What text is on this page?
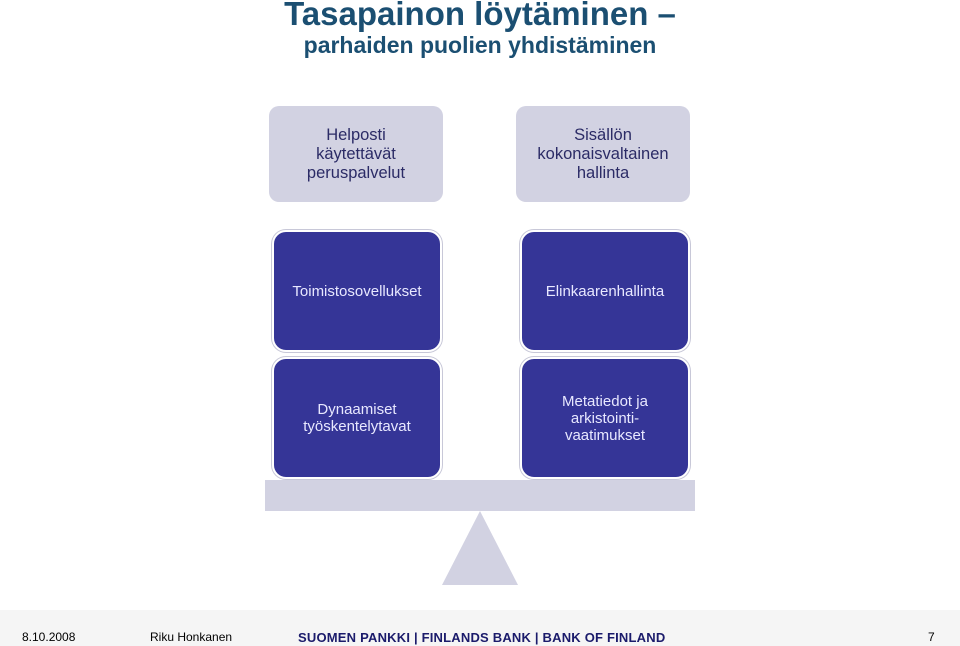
Tasapainon löytäminen –
parhaiden puolien yhdistäminen
Helposti
käytettävät
peruspalvelut
Sisällön
kokonaisvaltainen
hallinta
Toimistosovellukset	Elinkaarenhallinta
Dynaamiset
työskentelytavat
Metatiedot ja
arkistointi-
vaatimukset
8.10.2008	Riku Honkanen	SUOMEN PANKKI | FINLANDS BANK | BANK OF FINLAND	7
